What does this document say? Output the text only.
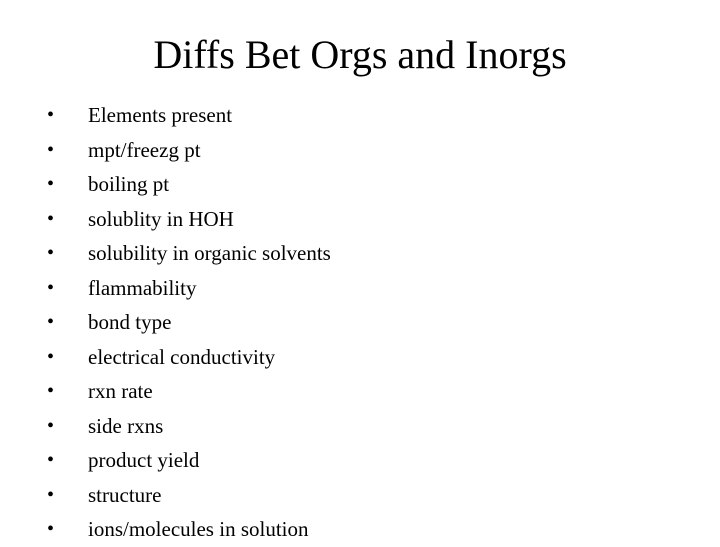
Diffs Bet Orgs and Inorgs
•	Elements present
•	mpt/freezg pt
•	boiling pt
•	solublity in HOH
•	solubility in organic solvents
•	flammability
•	bond type
•	electrical conductivity
•	rxn rate
•	side rxns
•	product yield
•	structure
•	ions/molecules in solution
